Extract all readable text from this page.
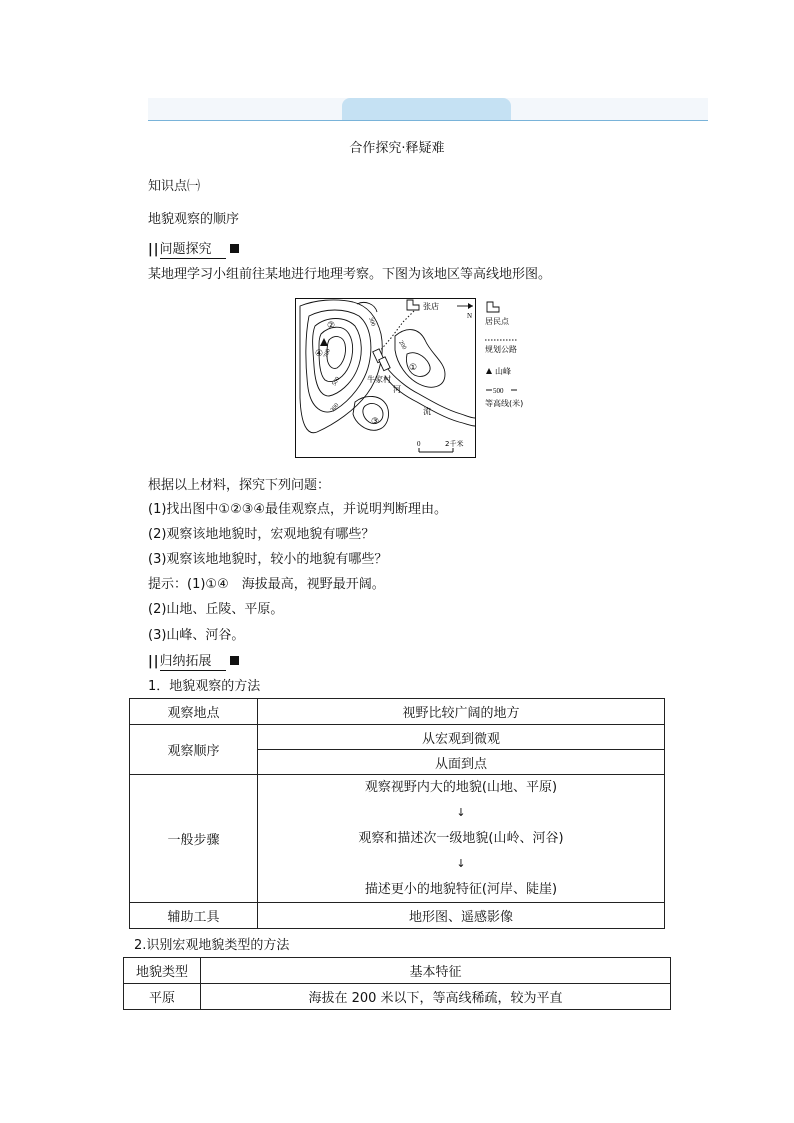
合作探究·释疑难
知识点㈠
地貌观察的顺序
||问题探究
某地理学习小组前往某地进行地理考察。下图为该地区等高线地形图。
N
张店
牛家村
河
流
300
200
500
300
700
①
②
③
④
0	2千米
居民点
规划公路
山峰
500
等高线(米)
根据以上材料，探究下列问题：
(1)找出图中①②③④最佳观察点，并说明判断理由。
(2)观察该地地貌时，宏观地貌有哪些？
(3)观察该地地貌时，较小的地貌有哪些？
提示：(1)①④　海拔最高，视野最开阔。
(2)山地、丘陵、平原。
(3)山峰、河谷。
||归纳拓展
1．地貌观察的方法
观察地点	视野比较广阔的地方
观察顺序	从宏观到微观
	从面到点
一般步骤	观察视野内大的地貌(山地、平原)
↓
观察和描述次一级地貌(山岭、河谷)
↓
描述更小的地貌特征(河岸、陡崖)

辅助工具	地形图、遥感影像
2.识别宏观地貌类型的方法
地貌类型	基本特征
平原	海拔在 200 米以下，等高线稀疏，较为平直
